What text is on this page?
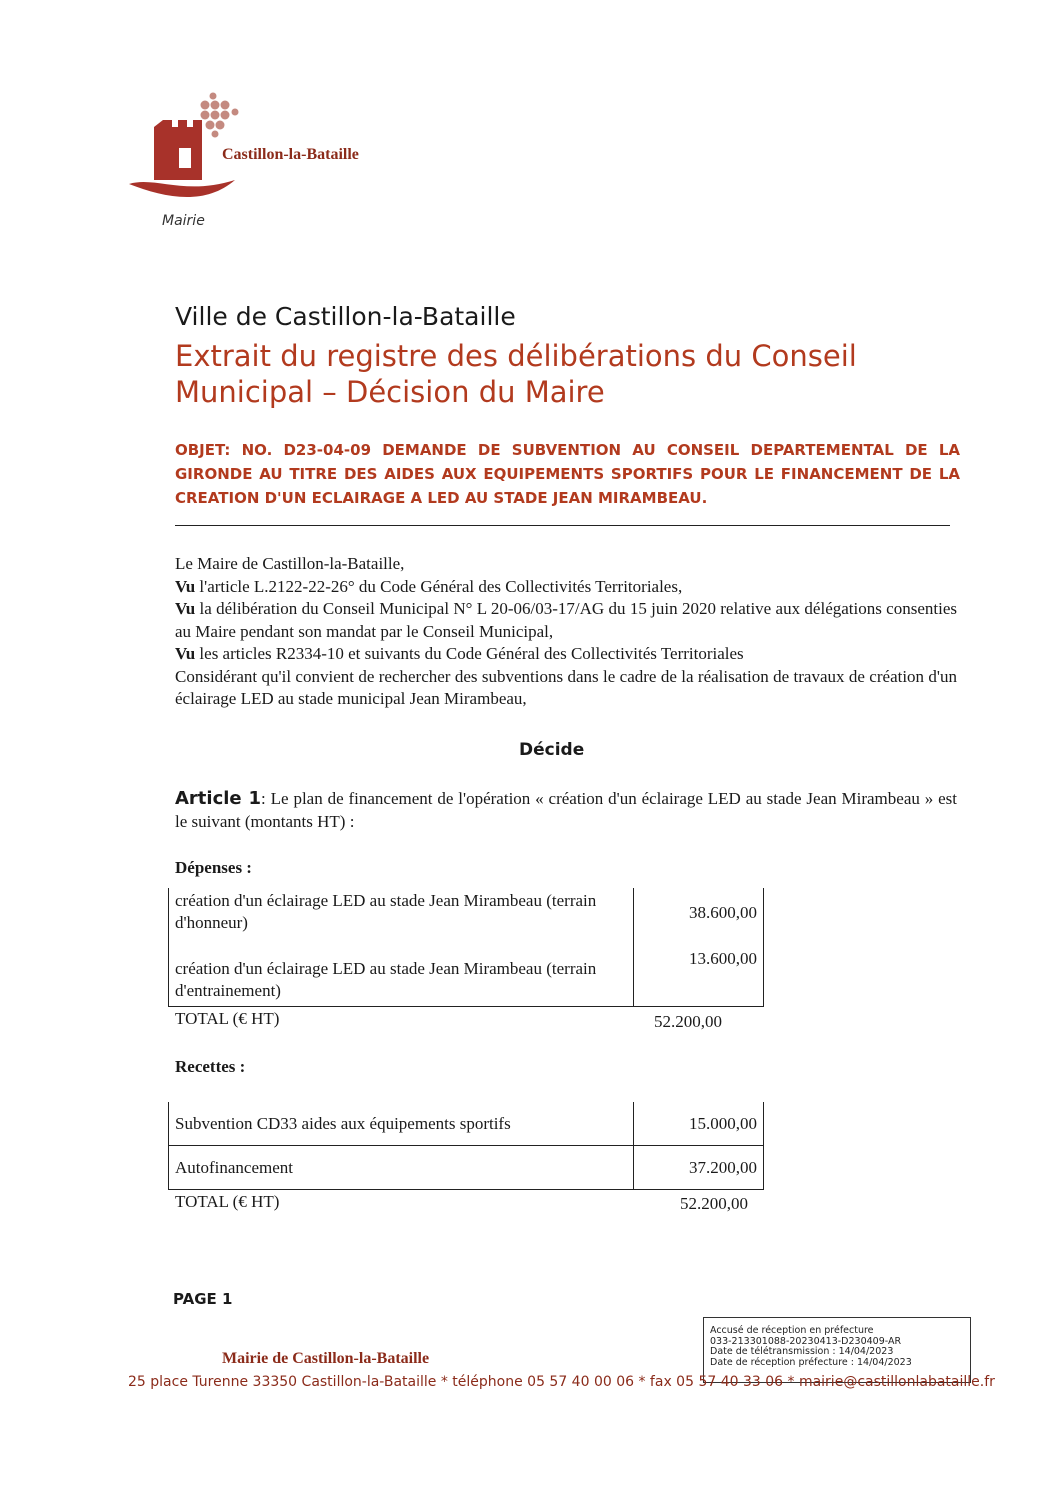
Castillon-la-Bataille
Mairie
Ville de Castillon-la-Bataille
Extrait du registre des délibérations du Conseil Municipal – Décision du Maire
OBJET: NO. D23-04-09 DEMANDE DE SUBVENTION AU CONSEIL DEPARTEMENTAL DE LA GIRONDE AU TITRE DES AIDES AUX EQUIPEMENTS SPORTIFS POUR LE FINANCEMENT DE LA CREATION D'UN ECLAIRAGE A LED AU STADE JEAN MIRAMBEAU.

Le Maire de Castillon-la-Bataille,

Vu l'article L.2122-22-26° du Code Général des Collectivités Territoriales,

Vu la délibération du Conseil Municipal N° L 20-06/03-17/AG du 15 juin 2020 relative aux délégations consenties au Maire pendant son mandat par le Conseil Municipal,

Vu les articles R2334-10 et suivants du Code Général des Collectivités Territoriales

Considérant qu'il convient de rechercher des subventions dans le cadre de la réalisation de travaux de création d'un éclairage LED au stade municipal Jean Mirambeau,

Décide
Article 1: Le plan de financement de l'opération « création d'un éclairage LED au stade Jean Mirambeau » est le suivant (montants HT) :
Dépenses :
création d'un éclairage LED au stade Jean Mirambeau (terrain d'honneur)	38.600,00
création d'un éclairage LED au stade Jean Mirambeau (terrain d'entrainement)	13.600,00
TOTAL (€ HT)	52.200,00
Recettes :
Subvention CD33 aides aux équipements sportifs	15.000,00
Autofinancement	37.200,00
TOTAL (€ HT)	52.200,00
PAGE 1
Accusé de réception en préfecture
033-213301088-20230413-D230409-AR
Date de télétransmission : 14/04/2023
Date de réception préfecture : 14/04/2023
Mairie de Castillon-la-Bataille
25 place Turenne 33350 Castillon-la-Bataille * téléphone 05 57 40 00 06 * fax 05 57 40 33 06 * mairie@castillonlabataille.fr
